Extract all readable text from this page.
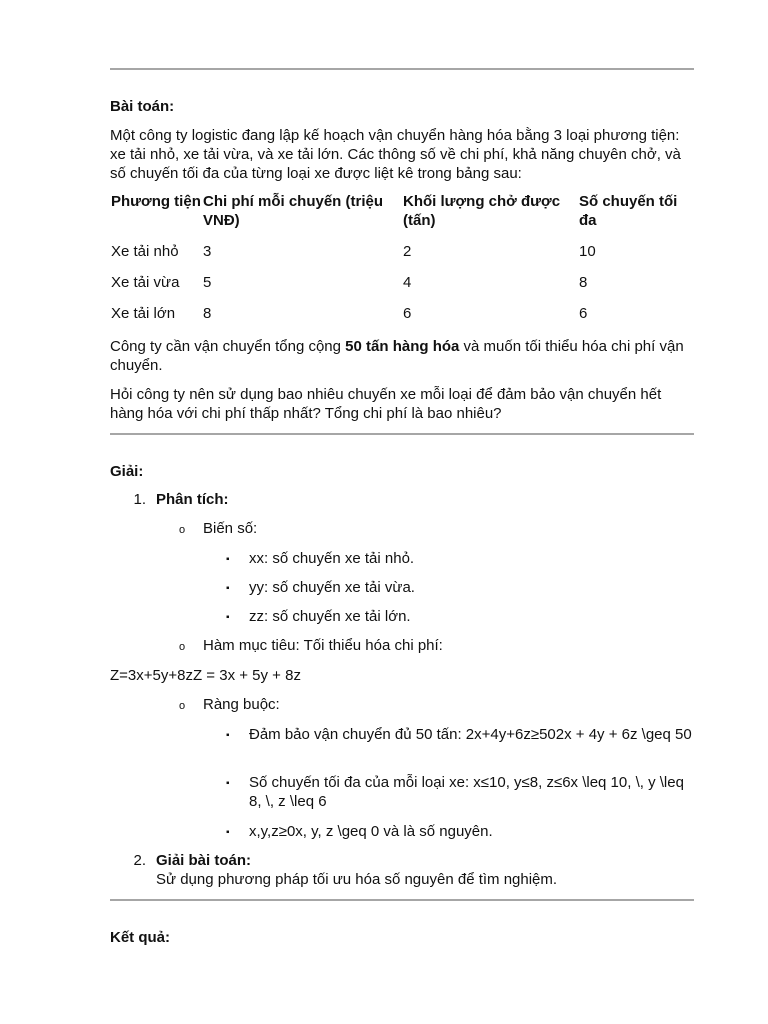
Bài toán:
Một công ty logistic đang lập kế hoạch vận chuyển hàng hóa bằng 3 loại phương tiện: xe tải nhỏ, xe tải vừa, và xe tải lớn. Các thông số về chi phí, khả năng chuyên chở, và số chuyến tối đa của từng loại xe được liệt kê trong bảng sau:
Phương tiện	Chi phí mỗi chuyến (triệu VNĐ)	Khối lượng chở được (tấn)	Số chuyến tối đa
Xe tải nhỏ	3	2	10
Xe tải vừa	5	4	8
Xe tải lớn	8	6	6
Công ty cần vận chuyển tổng cộng 50 tấn hàng hóa và muốn tối thiểu hóa chi phí vận chuyển.
Hỏi công ty nên sử dụng bao nhiêu chuyến xe mỗi loại để đảm bảo vận chuyển hết hàng hóa với chi phí thấp nhất? Tổng chi phí là bao nhiêu?
Giải:
1. Phân tích:
o Biến số:
▪ xx: số chuyến xe tải nhỏ.
▪ yy: số chuyến xe tải vừa.
▪ zz: số chuyến xe tải lớn.
o Hàm mục tiêu: Tối thiểu hóa chi phí:
Z=3x+5y+8zZ = 3x + 5y + 8z
o Ràng buộc:
▪ Đảm bảo vận chuyển đủ 50 tấn: 2x+4y+6z≥502x + 4y + 6z \geq 50
▪ Số chuyến tối đa của mỗi loại xe: x≤10, y≤8, z≤6x \leq 10, \, y \leq 8, \, z \leq 6
▪ x,y,z≥0x, y, z \geq 0 và là số nguyên.
2. Giải bài toán:
Sử dụng phương pháp tối ưu hóa số nguyên để tìm nghiệm.
Kết quả:
